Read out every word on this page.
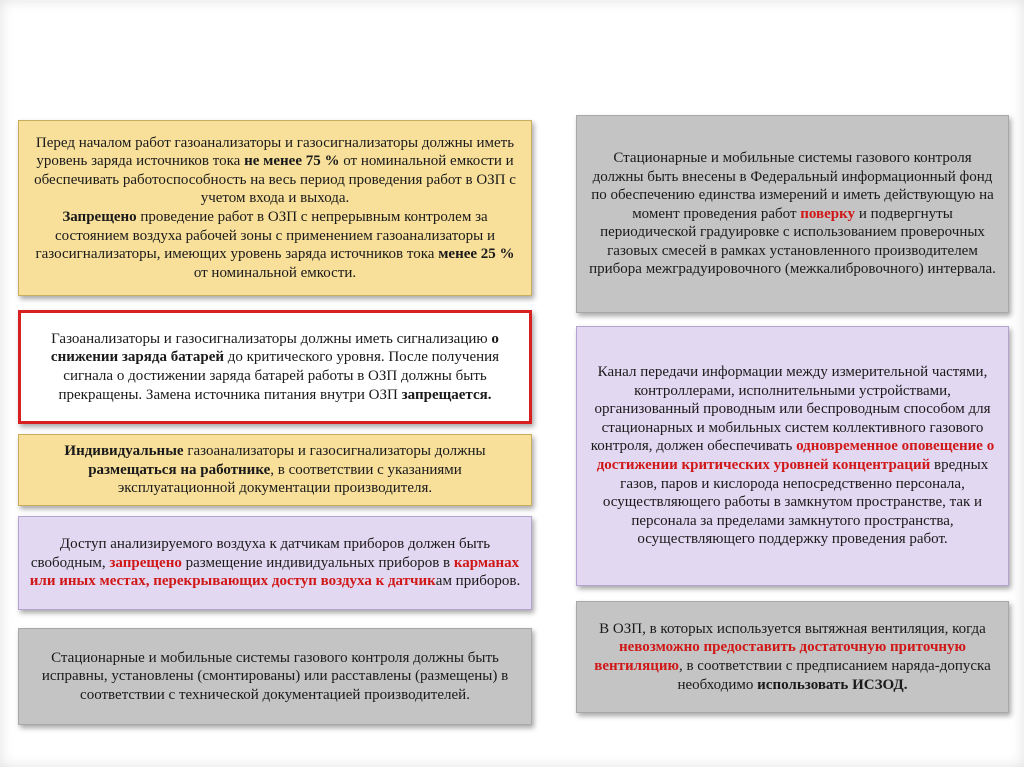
Перед началом работ газоанализаторы и газосигнализаторы должны иметь уровень заряда источников тока не менее 75 % от номинальной емкости и обеспечивать работоспособность на весь период проведения работ в ОЗП с учетом входа и выхода.
Запрещено проведение работ в ОЗП с непрерывным контролем за состоянием воздуха рабочей зоны с применением газоанализаторы и газосигнализаторы, имеющих уровень заряда источников тока менее 25 % от номинальной емкости.

Газоанализаторы и газосигнализаторы должны иметь сигнализацию о снижении заряда батарей до критического уровня. После получения сигнала о достижении заряда батарей работы в ОЗП должны быть прекращены. Замена источника питания внутри ОЗП запрещается.

Индивидуальные газоанализаторы и газосигнализаторы должны размещаться на работнике, в соответствии с указаниями эксплуатационной документации производителя.

Доступ анализируемого воздуха к датчикам приборов должен быть свободным, запрещено размещение индивидуальных приборов в карманах или иных местах, перекрывающих доступ воздуха к датчикам приборов.

Стационарные и мобильные системы газового контроля должны быть исправны, установлены (смонтированы) или расставлены (размещены) в соответствии с технической документацией производителей.

Стационарные и мобильные системы газового контроля должны быть внесены в Федеральный информационный фонд по обеспечению единства измерений и иметь действующую на момент проведения работ поверку и подвергнуты периодической градуировке с использованием проверочных газовых смесей в рамках установленного производителем прибора межградуировочного (межкалибровочного) интервала.

Канал передачи информации между измерительной частями, контроллерами, исполнительными устройствами, организованный проводным или беспроводным способом для стационарных и мобильных систем коллективного газового контроля, должен обеспечивать одновременное оповещение о достижении критических уровней концентраций вредных газов, паров и кислорода непосредственно персонала, осуществляющего работы в замкнутом пространстве, так и персонала за пределами замкнутого пространства, осуществляющего поддержку проведения работ.

В ОЗП, в которых используется вытяжная вентиляция, когда невозможно предоставить достаточную приточную вентиляцию, в соответствии с предписанием наряда-допуска необходимо использовать ИСЗОД.
